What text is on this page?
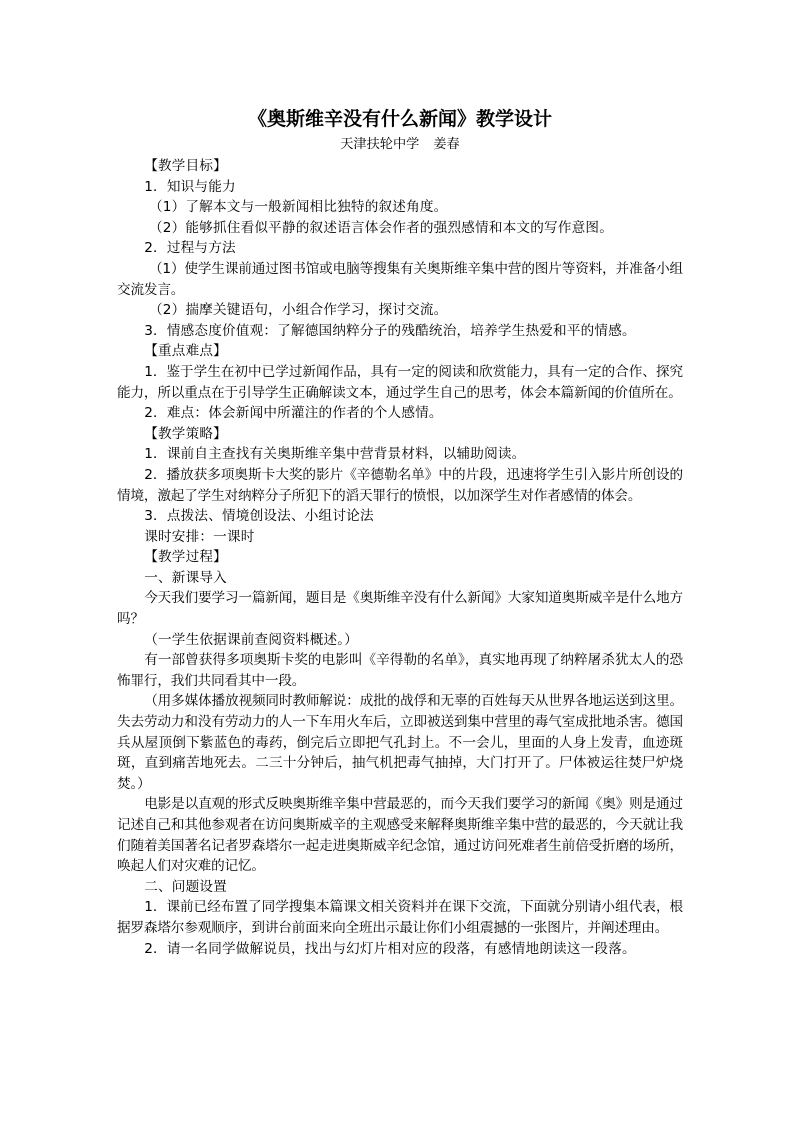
《奥斯维辛没有什么新闻》教学设计
天津扶轮中学 姜春

【教学目标】

1．知识与能力

（1）了解本文与一般新闻相比独特的叙述角度。

（2）能够抓住看似平静的叙述语言体会作者的强烈感情和本文的写作意图。

2．过程与方法

（1）使学生课前通过图书馆或电脑等搜集有关奥斯维辛集中营的图片等资料，并准备小组交流发言。

（2）揣摩关键语句，小组合作学习，探讨交流。

3．情感态度价值观：了解德国纳粹分子的残酷统治，培养学生热爱和平的情感。

【重点难点】

1．鉴于学生在初中已学过新闻作品，具有一定的阅读和欣赏能力，具有一定的合作、探究能力，所以重点在于引导学生正确解读文本，通过学生自己的思考，体会本篇新闻的价值所在。

2．难点：体会新闻中所灌注的作者的个人感情。

【教学策略】

1．课前自主查找有关奥斯维辛集中营背景材料，以辅助阅读。

2．播放获多项奥斯卡大奖的影片《辛德勒名单》中的片段，迅速将学生引入影片所创设的情境，激起了学生对纳粹分子所犯下的滔天罪行的愤恨，以加深学生对作者感情的体会。

3．点拨法、情境创设法、小组讨论法

课时安排：一课时

【教学过程】

一、新课导入

今天我们要学习一篇新闻，题目是《奥斯维辛没有什么新闻》大家知道奥斯威辛是什么地方吗？

（一学生依据课前查阅资料概述。）

有一部曾获得多项奥斯卡奖的电影叫《辛得勒的名单》，真实地再现了纳粹屠杀犹太人的恐怖罪行，我们共同看其中一段。

（用多媒体播放视频同时教师解说：成批的战俘和无辜的百姓每天从世界各地运送到这里。失去劳动力和没有劳动力的人一下车用火车后，立即被送到集中营里的毒气室成批地杀害。德国兵从屋顶倒下紫蓝色的毒药，倒完后立即把气孔封上。不一会儿，里面的人身上发青，血迹斑斑，直到痛苦地死去。二三十分钟后，抽气机把毒气抽掉，大门打开了。尸体被运往焚尸炉烧焚。）

电影是以直观的形式反映奥斯维辛集中营最恶的，而今天我们要学习的新闻《奥》则是通过记述自己和其他参观者在访问奥斯威辛的主观感受来解释奥斯维辛集中营的最恶的，今天就让我们随着美国著名记者罗森塔尔一起走进奥斯威辛纪念馆，通过访问死难者生前倍受折磨的场所，唤起人们对灾难的记忆。

二、问题设置

1．课前已经布置了同学搜集本篇课文相关资料并在课下交流，下面就分别请小组代表，根据罗森塔尔参观顺序，到讲台前面来向全班出示最让你们小组震撼的一张图片，并阐述理由。

2．请一名同学做解说员，找出与幻灯片相对应的段落，有感情地朗读这一段落。
